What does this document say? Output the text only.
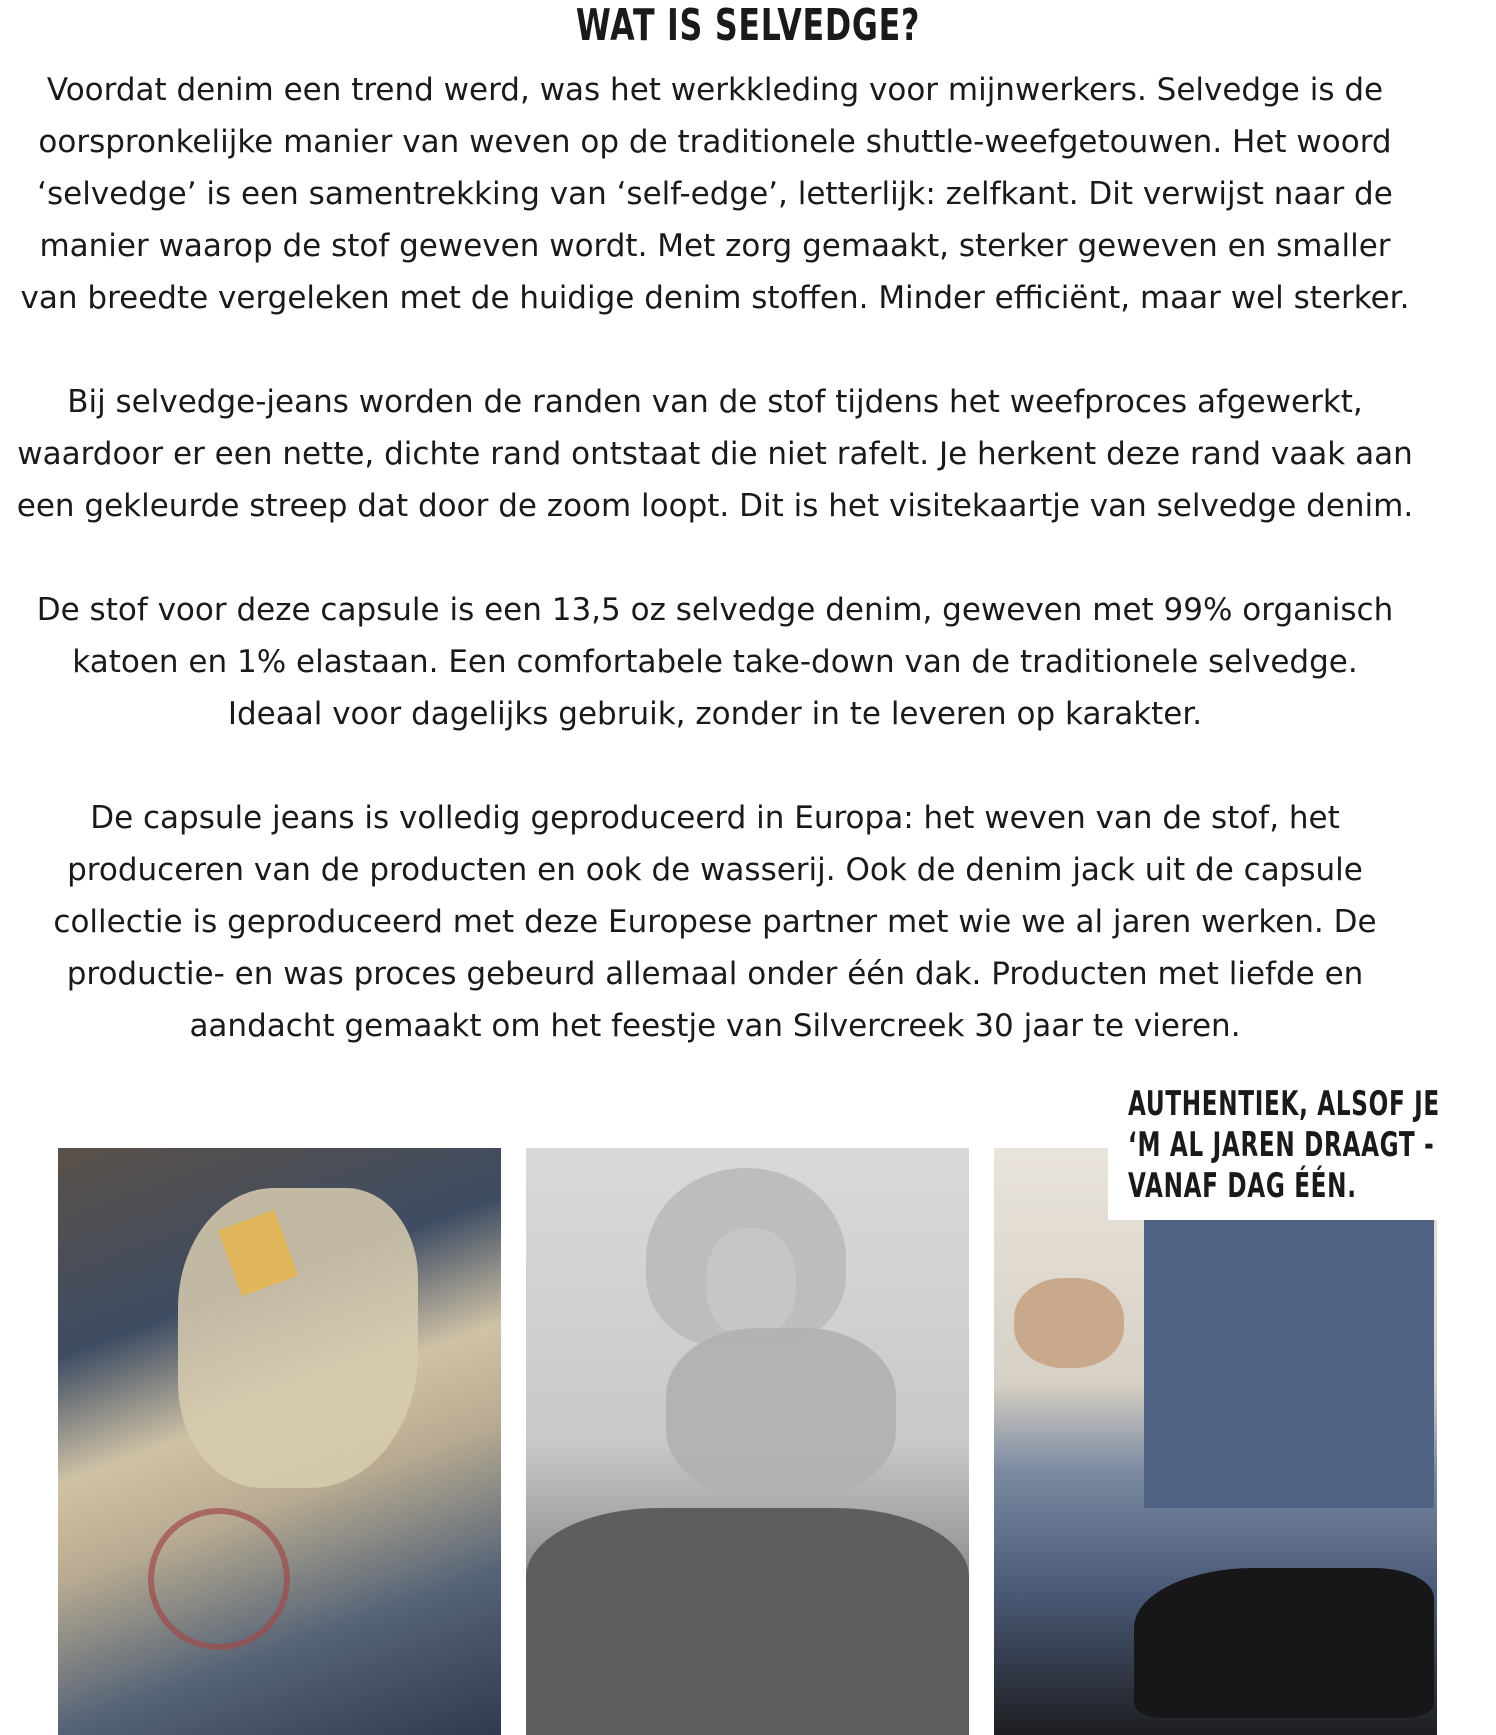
WAT IS SELVEDGE?

Voordat denim een trend werd, was het werkkleding voor mijnwerkers. Selvedge is de
oorspronkelijke manier van weven op de traditionele shuttle-weefgetouwen. Het woord
‘selvedge’ is een samentrekking van ‘self-edge’, letterlijk: zelfkant. Dit verwijst naar de
manier waarop de stof geweven wordt. Met zorg gemaakt, sterker geweven en smaller
van breedte vergeleken met de huidige denim stoffen. Minder efficiënt, maar wel sterker.

Bij selvedge-jeans worden de randen van de stof tijdens het weefproces afgewerkt,
waardoor er een nette, dichte rand ontstaat die niet rafelt. Je herkent deze rand vaak aan
een gekleurde streep dat door de zoom loopt. Dit is het visitekaartje van selvedge denim.

De stof voor deze capsule is een 13,5 oz selvedge denim, geweven met 99% organisch
katoen en 1% elastaan. Een comfortabele take-down van de traditionele selvedge.
Ideaal voor dagelijks gebruik, zonder in te leveren op karakter.

De capsule jeans is volledig geproduceerd in Europa: het weven van de stof, het
produceren van de producten en ook de wasserij. Ook de denim jack uit de capsule
collectie is geproduceerd met deze Europese partner met wie we al jaren werken. De
productie- en was proces gebeurd allemaal onder één dak. Producten met liefde en
aandacht gemaakt om het feestje van Silvercreek 30 jaar te vieren.

AUTHENTIEK, ALSOF JE
‘M AL JAREN DRAAGT -
VANAF DAG ÉÉN.
